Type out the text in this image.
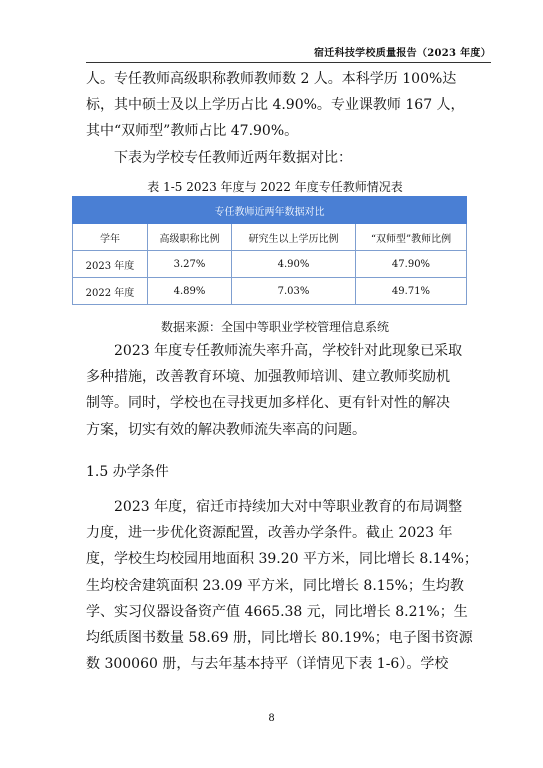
宿迁科技学校质量报告（2023 年度）

人。专任教师高级职称教师教师数 2 人。本科学历 100%达

标，其中硕士及以上学历占比 4.90%。专业课教师 167 人，

其中“双师型”教师占比 47.90%。

下表为学校专任教师近两年数据对比：

表 1-5 2023 年度与 2022 年度专任教师情况表
专任教师近两年数据对比			
学年	高级职称比例	研究生以上学历比例	“双师型”教师比例
2023 年度	3.27%	4.90%	47.90%
2022 年度	4.89%	7.03%	49.71%
数据来源：全国中等职业学校管理信息系统

2023 年度专任教师流失率升高，学校针对此现象已采取

多种措施，改善教育环境、加强教师培训、建立教师奖励机

制等。同时，学校也在寻找更加多样化、更有针对性的解决

方案，切实有效的解决教师流失率高的问题。

1.5 办学条件

2023 年度，宿迁市持续加大对中等职业教育的布局调整

力度，进一步优化资源配置，改善办学条件。截止 2023 年

度，学校生均校园用地面积 39.20 平方米，同比增长 8.14%；

生均校舍建筑面积 23.09 平方米，同比增长 8.15%；生均教

学、实习仪器设备资产值 4665.38 元，同比增长 8.21%；生

均纸质图书数量 58.69 册，同比增长 80.19%；电子图书资源

数 300060 册，与去年基本持平（详情见下表 1-6）。学校

8
